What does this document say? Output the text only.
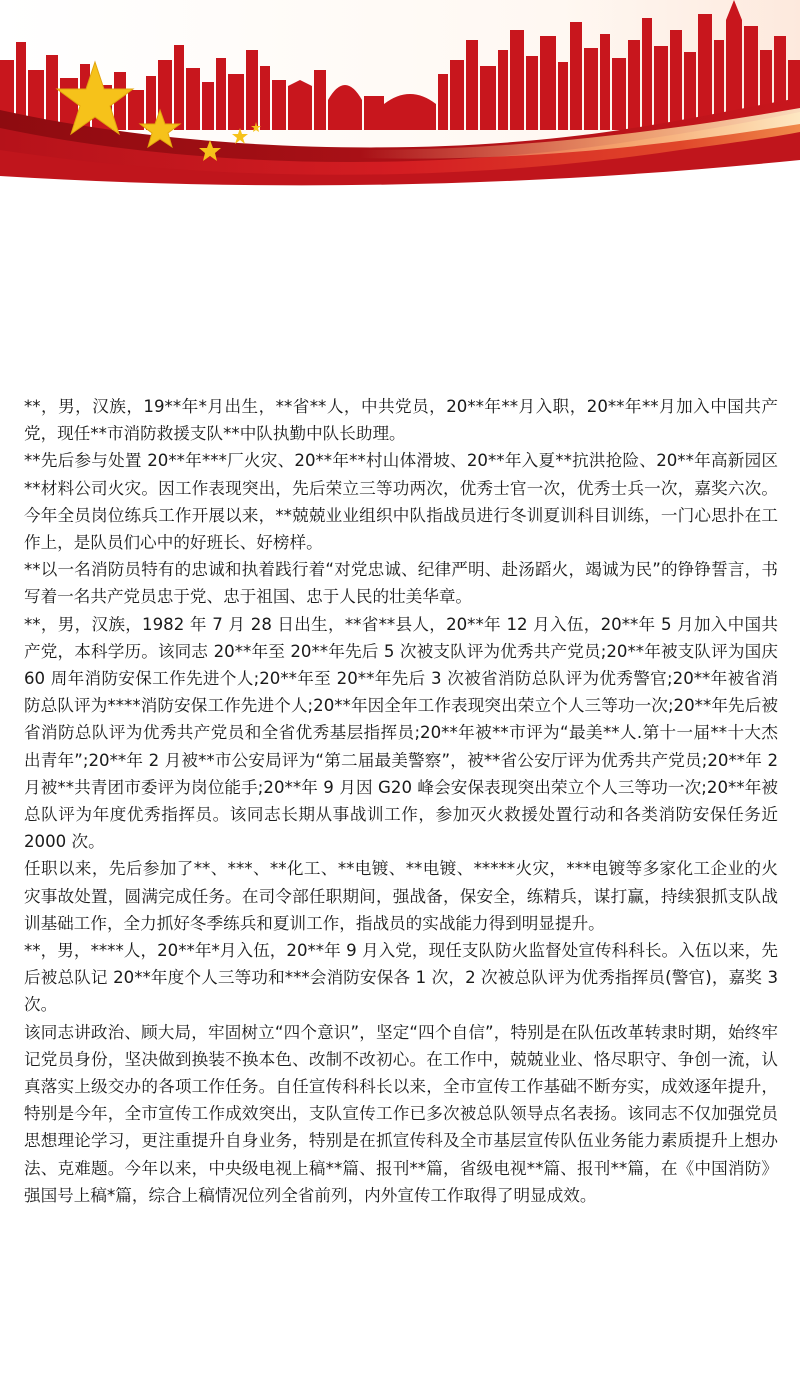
**，男，汉族，19**年*月出生，**省**人，中共党员，20**年**月入职，20**年**月加入中国共产党，现任**市消防救援支队**中队执勤中队长助理。

**先后参与处置 20**年***厂火灾、20**年**村山体滑坡、20**年入夏**抗洪抢险、20**年高新园区**材料公司火灾。因工作表现突出，先后荣立三等功两次，优秀士官一次，优秀士兵一次，嘉奖六次。今年全员岗位练兵工作开展以来，**兢兢业业组织中队指战员进行冬训夏训科目训练，一门心思扑在工作上，是队员们心中的好班长、好榜样。

**以一名消防员特有的忠诚和执着践行着“对党忠诚、纪律严明、赴汤蹈火，竭诚为民”的铮铮誓言，书写着一名共产党员忠于党、忠于祖国、忠于人民的壮美华章。

**，男，汉族，1982 年 7 月 28 日出生，**省**县人，20**年 12 月入伍，20**年 5 月加入中国共产党，本科学历。该同志 20**年至 20**年先后 5 次被支队评为优秀共产党员;20**年被支队评为国庆 60 周年消防安保工作先进个人;20**年至 20**年先后 3 次被省消防总队评为优秀警官;20**年被省消防总队评为****消防安保工作先进个人;20**年因全年工作表现突出荣立个人三等功一次;20**年先后被省消防总队评为优秀共产党员和全省优秀基层指挥员;20**年被**市评为“最美**人.第十一届**十大杰出青年”;20**年 2 月被**市公安局评为“第二届最美警察”，被**省公安厅评为优秀共产党员;20**年 2 月被**共青团市委评为岗位能手;20**年 9 月因 G20 峰会安保表现突出荣立个人三等功一次;20**年被总队评为年度优秀指挥员。该同志长期从事战训工作，参加灭火救援处置行动和各类消防安保任务近 2000 次。

任职以来，先后参加了**、***、**化工、**电镀、**电镀、*****火灾，***电镀等多家化工企业的火灾事故处置，圆满完成任务。在司令部任职期间，强战备，保安全，练精兵，谋打赢，持续狠抓支队战训基础工作，全力抓好冬季练兵和夏训工作，指战员的实战能力得到明显提升。

**，男，****人，20**年*月入伍，20**年 9 月入党，现任支队防火监督处宣传科科长。入伍以来，先后被总队记 20**年度个人三等功和***会消防安保各 1 次，2 次被总队评为优秀指挥员(警官)，嘉奖 3 次。

该同志讲政治、顾大局，牢固树立“四个意识”，坚定“四个自信”，特别是在队伍改革转隶时期，始终牢记党员身份，坚决做到换装不换本色、改制不改初心。在工作中，兢兢业业、恪尽职守、争创一流，认真落实上级交办的各项工作任务。自任宣传科科长以来，全市宣传工作基础不断夯实，成效逐年提升，特别是今年，全市宣传工作成效突出，支队宣传工作已多次被总队领导点名表扬。该同志不仅加强党员思想理论学习，更注重提升自身业务，特别是在抓宣传科及全市基层宣传队伍业务能力素质提升上想办法、克难题。今年以来，中央级电视上稿**篇、报刊**篇，省级电视**篇、报刊**篇，在《中国消防》强国号上稿*篇，综合上稿情况位列全省前列，内外宣传工作取得了明显成效。
